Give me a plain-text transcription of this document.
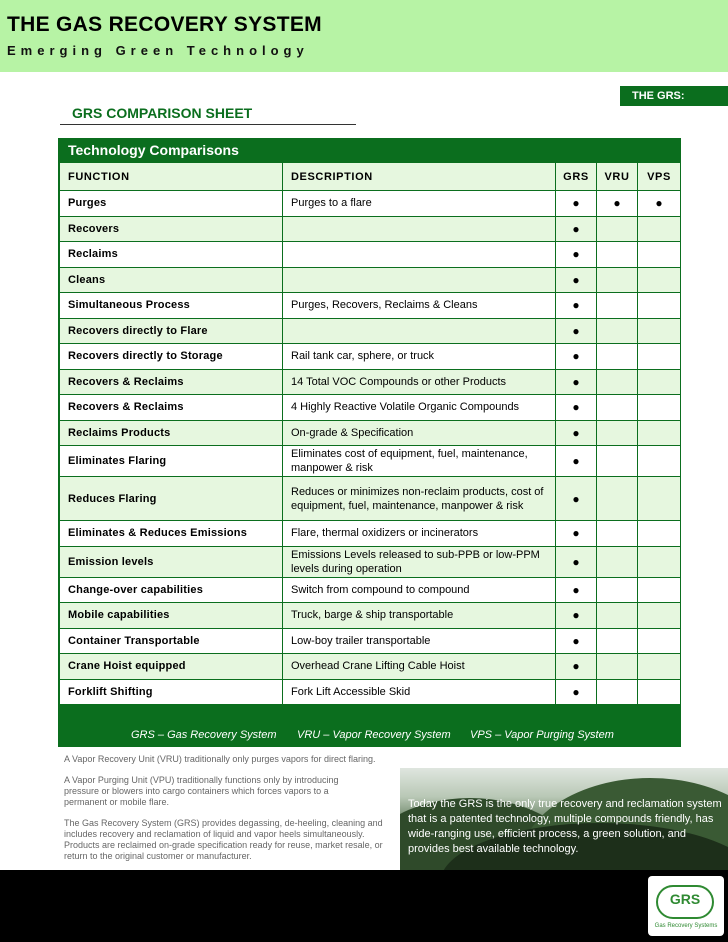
THE GAS RECOVERY SYSTEM
Emerging Green Technology
THE GRS:
GRS COMPARISON SHEET
Technology Comparisons
FUNCTION	DESCRIPTION	GRS	VRU	VPS
Purges	Purges to a flare	●	●	●
Recovers		●		
Reclaims		●		
Cleans		●		
Simultaneous Process	Purges, Recovers, Reclaims & Cleans	●		
Recovers directly to Flare		●		
Recovers directly to Storage	Rail tank car, sphere, or truck	●		
Recovers & Reclaims	14 Total VOC Compounds or other Products	●		
Recovers & Reclaims	4 Highly Reactive Volatile Organic Compounds	●		
Reclaims Products	On-grade & Specification	●		
Eliminates Flaring	Eliminates cost of equipment, fuel, maintenance, manpower & risk	●		
Reduces Flaring	Reduces or minimizes non-reclaim products, cost of equipment, fuel, maintenance, manpower & risk	●		
Eliminates & Reduces Emissions	Flare, thermal oxidizers or incinerators	●		
Emission levels	Emissions Levels released to sub-PPB or low-PPM levels during operation	●		
Change-over capabilities	Switch from compound to compound	●		
Mobile capabilities	Truck, barge & ship transportable	●		
Container Transportable	Low-boy trailer transportable	●		
Crane Hoist equipped	Overhead Crane Lifting Cable Hoist	●		
Forklift Shifting	Fork Lift Accessible Skid	●		
GRS – Gas Recovery System VRU – Vapor Recovery System VPS – Vapor Purging System

A Vapor Recovery Unit (VRU) traditionally only purges vapors for direct flaring.

A Vapor Purging Unit (VPU) traditionally functions only by introducing pressure or blowers into cargo containers which forces vapors to a permanent or mobile flare.

The Gas Recovery System (GRS) provides degassing, de-heeling, cleaning and includes recovery and reclamation of liquid and vapor heels simultaneously. Products are reclaimed on-grade specification ready for reuse, market resale, or return to the original customer or manufacturer.

Today the GRS is the only true recovery and reclamation system that is a patented technology, multiple compounds friendly, has wide-ranging use, efficient process, a green solution, and provides best available technology.
GRS
Gas Recovery Systems
